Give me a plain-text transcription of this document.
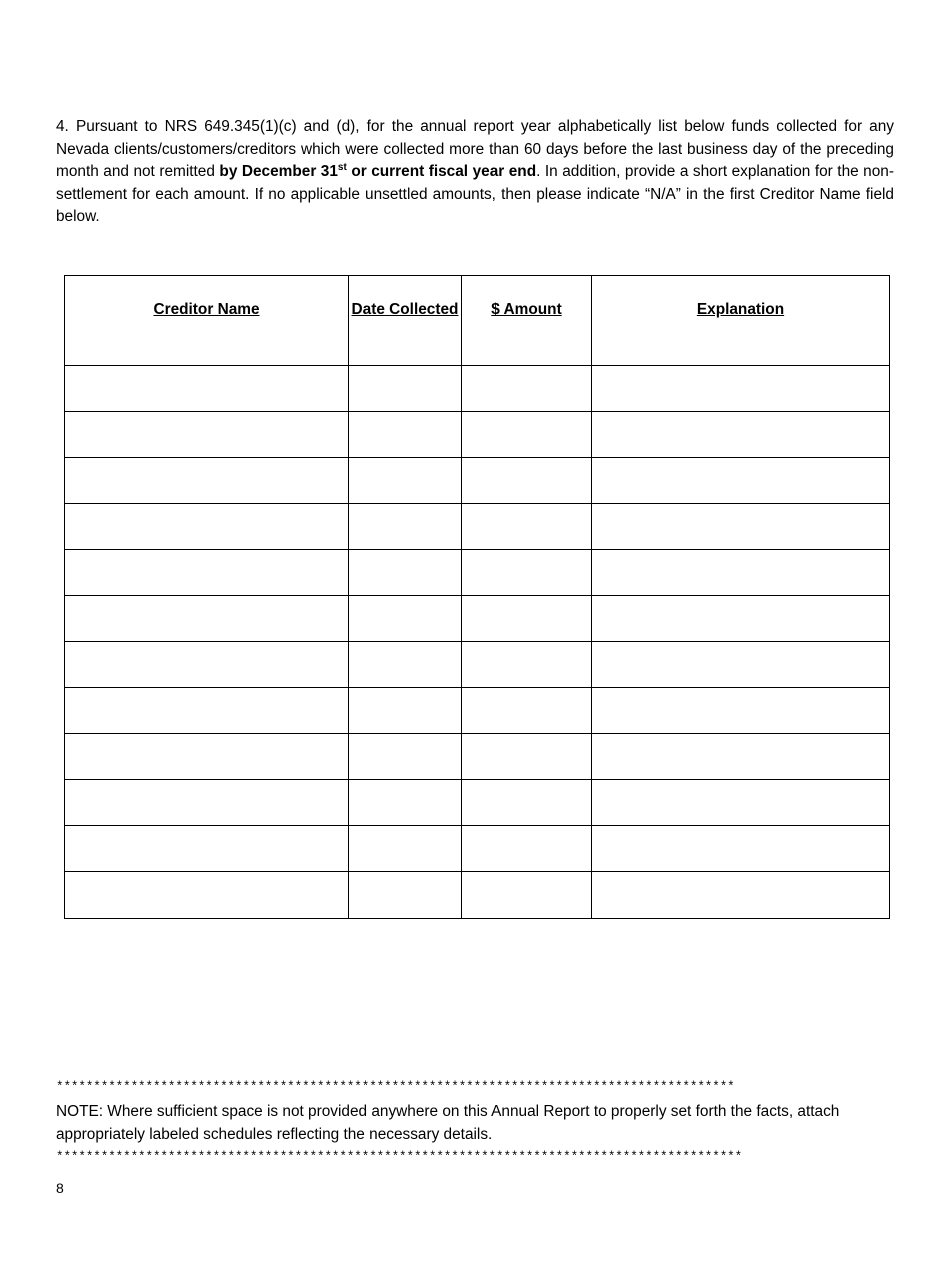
4. Pursuant to NRS 649.345(1)(c) and (d), for the annual report year alphabetically list below funds collected for any Nevada clients/customers/creditors which were collected more than 60 days before the last business day of the preceding month and not remitted by December 31st or current fiscal year end. In addition, provide a short explanation for the non-settlement for each amount. If no applicable unsettled amounts, then please indicate “N/A” in the first Creditor Name field below.
Creditor Name	Date Collected	$ Amount	Explanation

*******************************************************************************************
NOTE: Where sufficient space is not provided anywhere on this Annual Report to properly set forth the facts, attach appropriately labeled schedules reflecting the necessary details.
********************************************************************************************
8
